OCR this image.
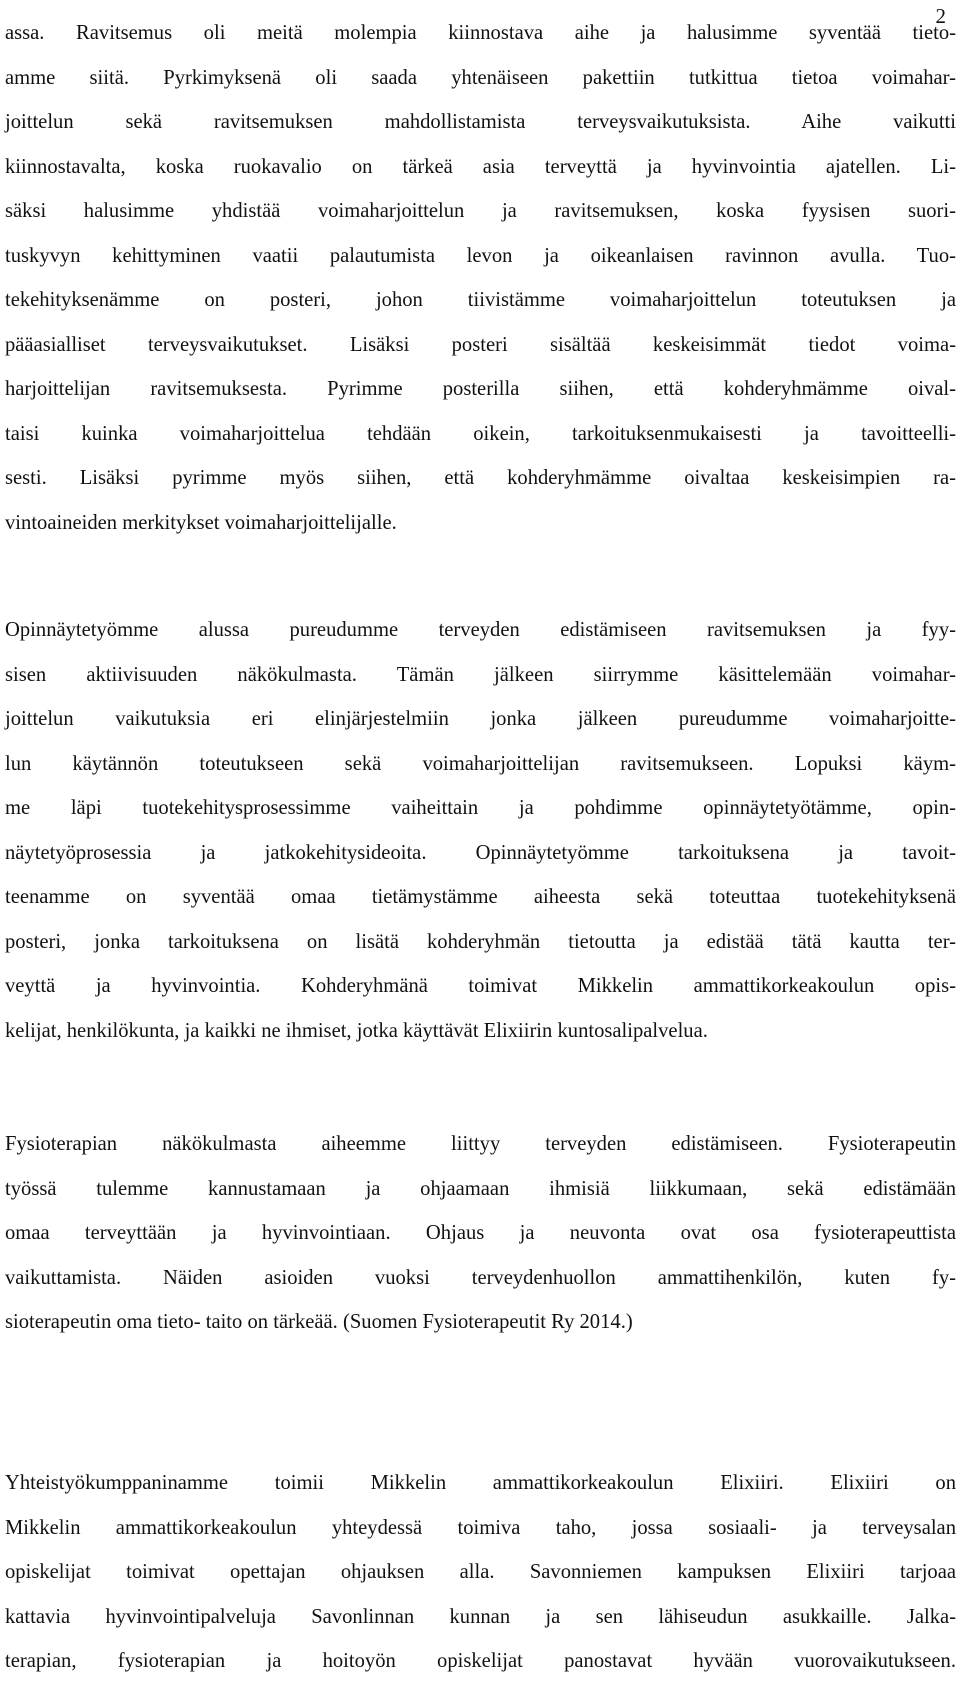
2
assa. Ravitsemus oli meitä molempia kiinnostava aihe ja halusimme syventää tieto-
amme siitä. Pyrkimyksenä oli saada yhtenäiseen pakettiin tutkittua tietoa voimahar-
joittelun sekä ravitsemuksen mahdollistamista terveysvaikutuksista. Aihe vaikutti
kiinnostavalta, koska ruokavalio on tärkeä asia terveyttä ja hyvinvointia ajatellen. Li-
säksi halusimme yhdistää voimaharjoittelun ja ravitsemuksen, koska fyysisen suori-
tuskyvyn kehittyminen vaatii palautumista levon ja oikeanlaisen ravinnon avulla. Tuo-
tekehityksenämme on posteri, johon tiivistämme voimaharjoittelun toteutuksen ja
pääasialliset terveysvaikutukset. Lisäksi posteri sisältää keskeisimmät tiedot voima-
harjoittelijan ravitsemuksesta. Pyrimme posterilla siihen, että kohderyhmämme oival-
taisi kuinka voimaharjoittelua tehdään oikein, tarkoituksenmukaisesti ja tavoitteelli-
sesti. Lisäksi pyrimme myös siihen, että kohderyhmämme oivaltaa keskeisimpien ra-
vintoaineiden merkitykset voimaharjoittelijalle.
Opinnäytetyömme alussa pureudumme terveyden edistämiseen ravitsemuksen ja fyy-
sisen aktiivisuuden näkökulmasta. Tämän jälkeen siirrymme käsittelemään voimahar-
joittelun vaikutuksia eri elinjärjestelmiin jonka jälkeen pureudumme voimaharjoitte-
lun käytännön toteutukseen sekä voimaharjoittelijan ravitsemukseen. Lopuksi käym-
me läpi tuotekehitysprosessimme vaiheittain ja pohdimme opinnäytetyötämme, opin-
näytetyöprosessia ja jatkokehitysideoita. Opinnäytetyömme tarkoituksena ja tavoit-
teenamme on syventää omaa tietämystämme aiheesta sekä toteuttaa tuotekehityksenä
posteri, jonka tarkoituksena on lisätä kohderyhmän tietoutta ja edistää tätä kautta ter-
veyttä ja hyvinvointia. Kohderyhmänä toimivat Mikkelin ammattikorkeakoulun opis-
kelijat, henkilökunta, ja kaikki ne ihmiset, jotka käyttävät Elixiirin kuntosalipalvelua.
Fysioterapian näkökulmasta aiheemme liittyy terveyden edistämiseen. Fysioterapeutin
työssä tulemme kannustamaan ja ohjaamaan ihmisiä liikkumaan, sekä edistämään
omaa terveyttään ja hyvinvointiaan. Ohjaus ja neuvonta ovat osa fysioterapeuttista
vaikuttamista. Näiden asioiden vuoksi terveydenhuollon ammattihenkilön, kuten fy-
sioterapeutin oma tieto- taito on tärkeää. (Suomen Fysioterapeutit Ry 2014.)
Yhteistyökumppaninamme toimii Mikkelin ammattikorkeakoulun Elixiiri. Elixiiri on
Mikkelin ammattikorkeakoulun yhteydessä toimiva taho, jossa sosiaali- ja terveysalan
opiskelijat toimivat opettajan ohjauksen alla. Savonniemen kampuksen Elixiiri tarjoaa
kattavia hyvinvointipalveluja Savonlinnan kunnan ja sen lähiseudun asukkaille. Jalka-
terapian, fysioterapian ja hoitoyön opiskelijat panostavat hyvään vuorovaikutukseen.
